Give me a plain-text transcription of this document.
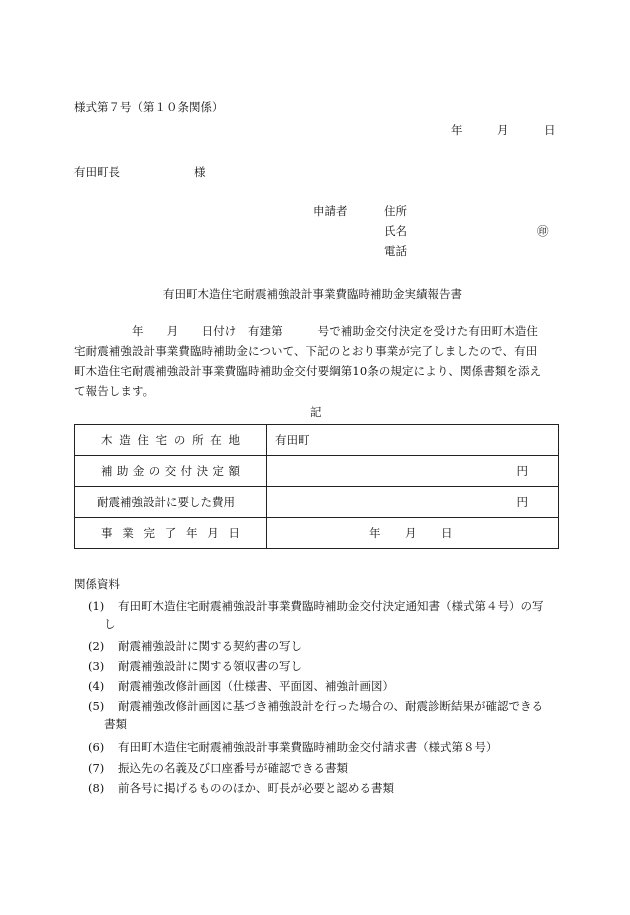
様式第７号（第１０条関係）
年	月	日
有田町長	様
申請者	住所
氏名	㊞
電話
有田町木造住宅耐震補強設計事業費臨時補助金実績報告書
　　　　　年　　月　　日付け　有建第　　　号で補助金交付決定を受けた有田町木造住
宅耐震補強設計事業費臨時補助金について、下記のとおり事業が完了しましたので、有田
町木造住宅耐震補強設計事業費臨時補助金交付要綱第10条の規定により、関係書類を添え
て報告します。
記
木造住宅の所在地	有田町
補助金の交付決定額	円

耐震補強設計に要した費用	円

事業完了年月日	年 月 日
関係資料
(1) 有田町木造住宅耐震補強設計事業費臨時補助金交付決定通知書（様式第４号）の写
し
(2) 耐震補強設計に関する契約書の写し
(3) 耐震補強設計に関する領収書の写し
(4) 耐震補強改修計画図（仕様書、平面図、補強計画図）
(5) 耐震補強改修計画図に基づき補強設計を行った場合の、耐震診断結果が確認できる
書類
(6) 有田町木造住宅耐震補強設計事業費臨時補助金交付請求書（様式第８号）
(7) 振込先の名義及び口座番号が確認できる書類
(8) 前各号に掲げるもののほか、町長が必要と認める書類
